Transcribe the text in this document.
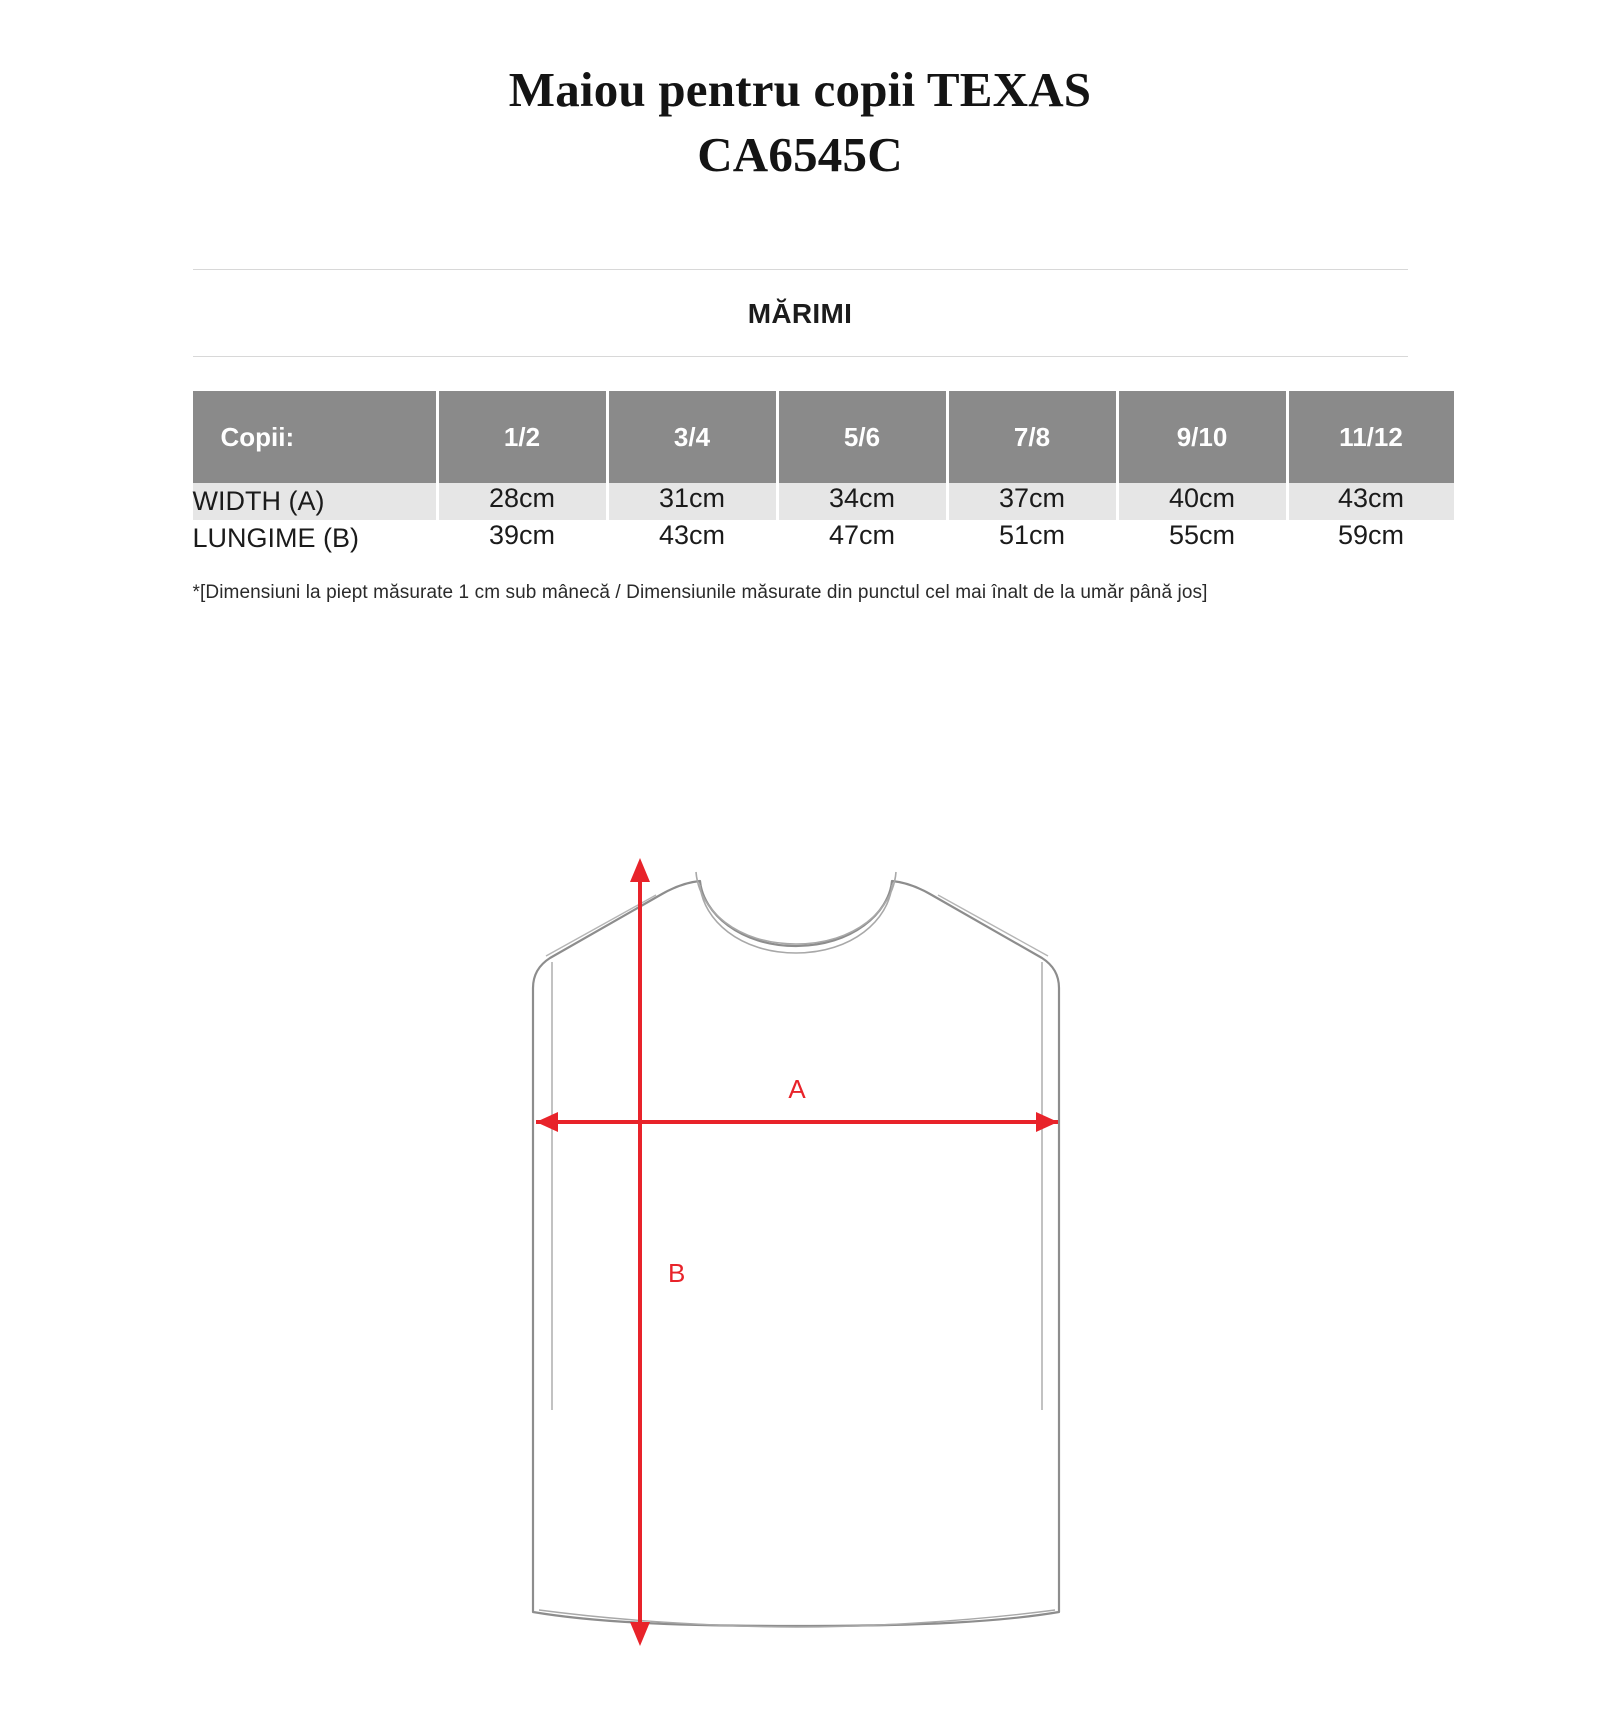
Maiou pentru copii TEXAS
CA6545C
MĂRIMI
Copii:	1/2	3/4	5/6	7/8	9/10	11/12
WIDTH (A)	28cm	31cm	34cm	37cm	40cm	43cm
LUNGIME (B)	39cm	43cm	47cm	51cm	55cm	59cm
*[Dimensiuni la piept măsurate 1 cm sub mânecă / Dimensiunile măsurate din punctul cel mai înalt de la umăr până jos]
A
B
